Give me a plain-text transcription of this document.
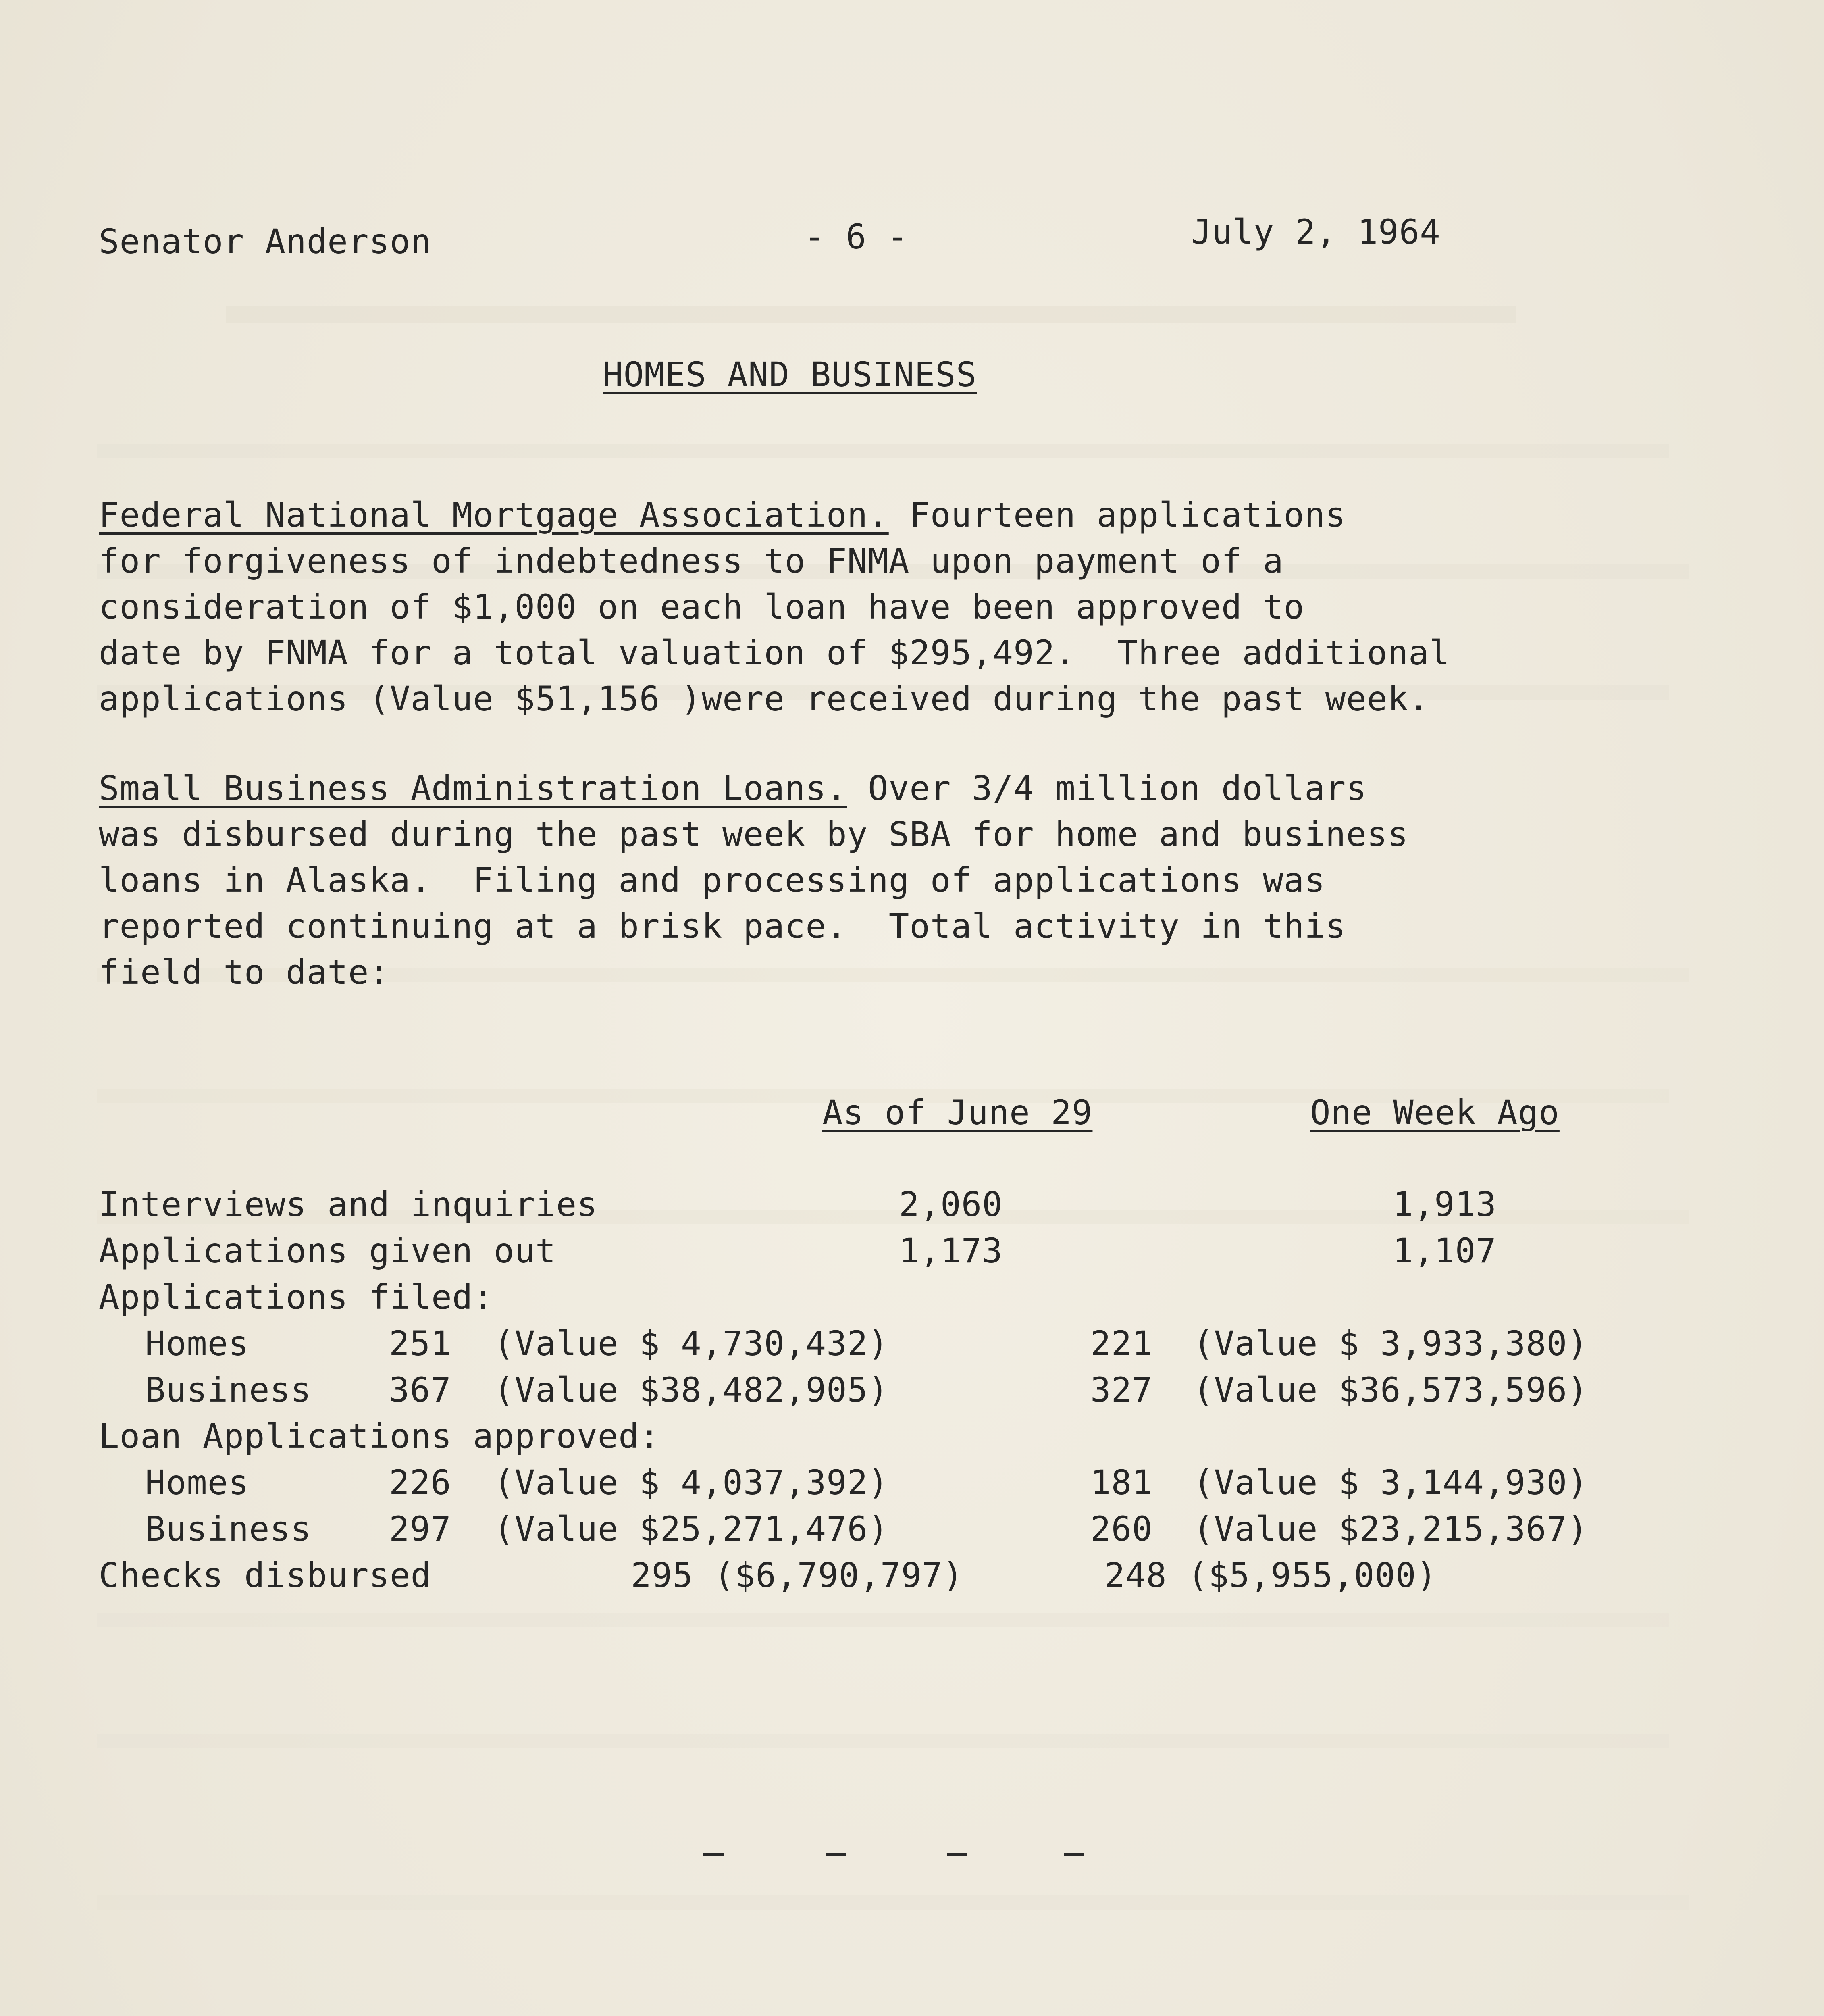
Senator Anderson	- 6 -	July 2, 1964
HOMES AND BUSINESS
Federal National Mortgage Association. Fourteen applications
for forgiveness of indebtedness to FNMA upon payment of a
consideration of $1,000 on each loan have been approved to
date by FNMA for a total valuation of $295,492.  Three additional
applications (Value $51,156 )were received during the past week.
Small Business Administration Loans. Over 3/4 million dollars
was disbursed during the past week by SBA for home and business
loans in Alaska.  Filing and processing of applications was
reported continuing at a brisk pace.  Total activity in this
field to date:
As of June 29	One Week Ago
Interviews and inquiries	2,060	1,913
Applications given out	1,173	1,107
Applications filed:
Homes	251 (Value $ 4,730,432)	221 (Value $ 3,933,380)
Business 367 (Value $38,482,905)	327 (Value $36,573,596)
Loan Applications approved:
Homes	226 (Value $ 4,037,392)	181 (Value $ 3,144,930)
Business 297 (Value $25,271,476)	260 (Value $23,215,367)
Checks disbursed	295 ($6,790,797)	248 ($5,955,000)
